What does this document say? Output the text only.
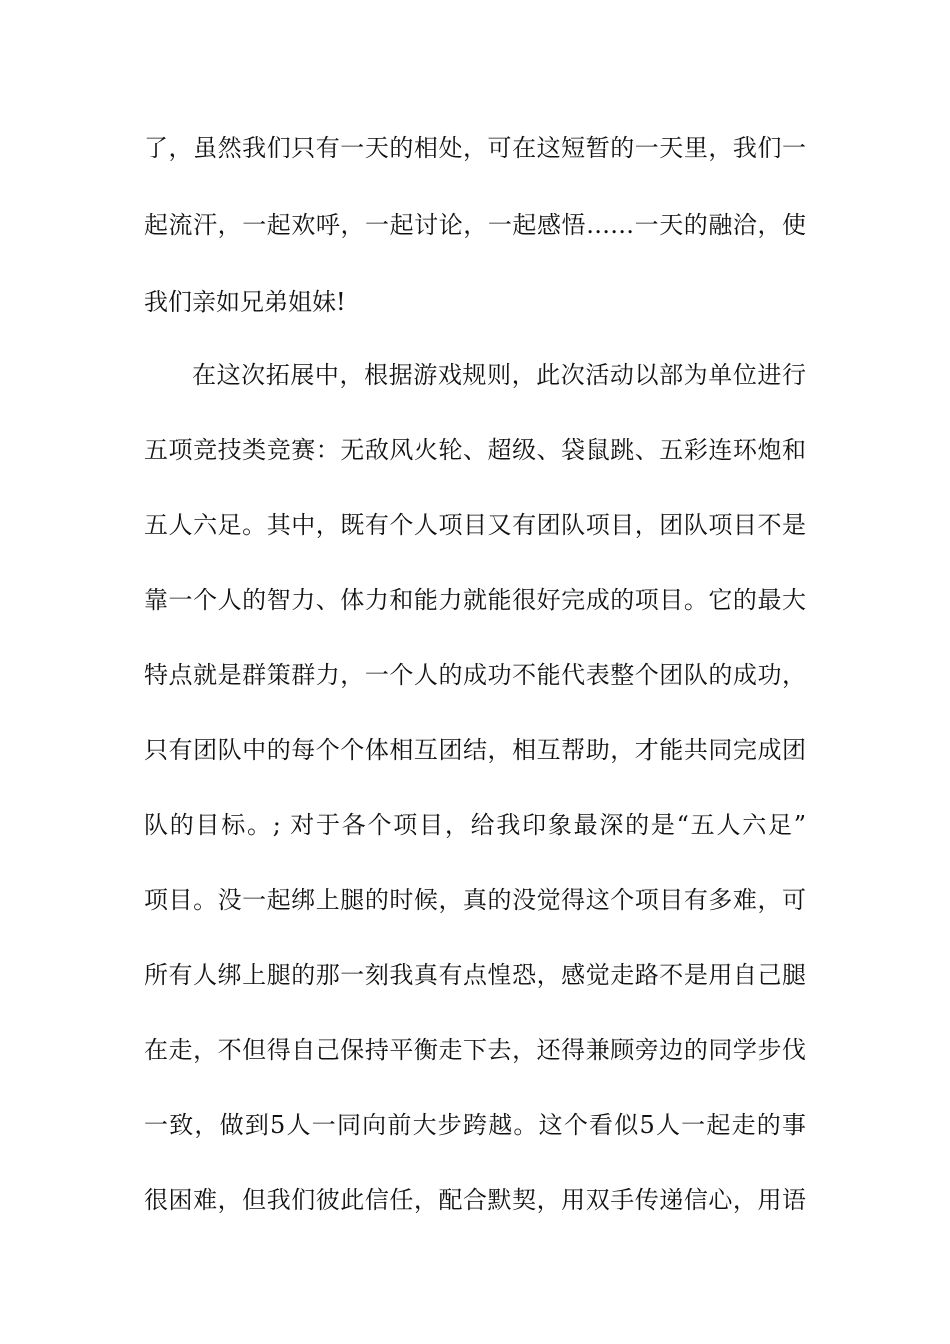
了，虽然我们只有一天的相处，可在这短暂的一天里，我们一
起流汗，一起欢呼，一起讨论，一起感悟……一天的融洽，使
我们亲如兄弟姐妹!
在这次拓展中，根据游戏规则，此次活动以部为单位进行
五项竞技类竞赛：无敌风火轮、超级、袋鼠跳、五彩连环炮和
五人六足。其中，既有个人项目又有团队项目，团队项目不是
靠一个人的智力、体力和能力就能很好完成的项目。它的最大
特点就是群策群力，一个人的成功不能代表整个团队的成功，
只有团队中的每个个体相互团结，相互帮助，才能共同完成团
队的目标。; 对于各个项目，给我印象最深的是“五人六足”
项目。没一起绑上腿的时候，真的没觉得这个项目有多难，可
所有人绑上腿的那一刻我真有点惶恐，感觉走路不是用自己腿
在走，不但得自己保持平衡走下去，还得兼顾旁边的同学步伐
一致，做到5人一同向前大步跨越。这个看似5人一起走的事
很困难，但我们彼此信任，配合默契，用双手传递信心，用语
